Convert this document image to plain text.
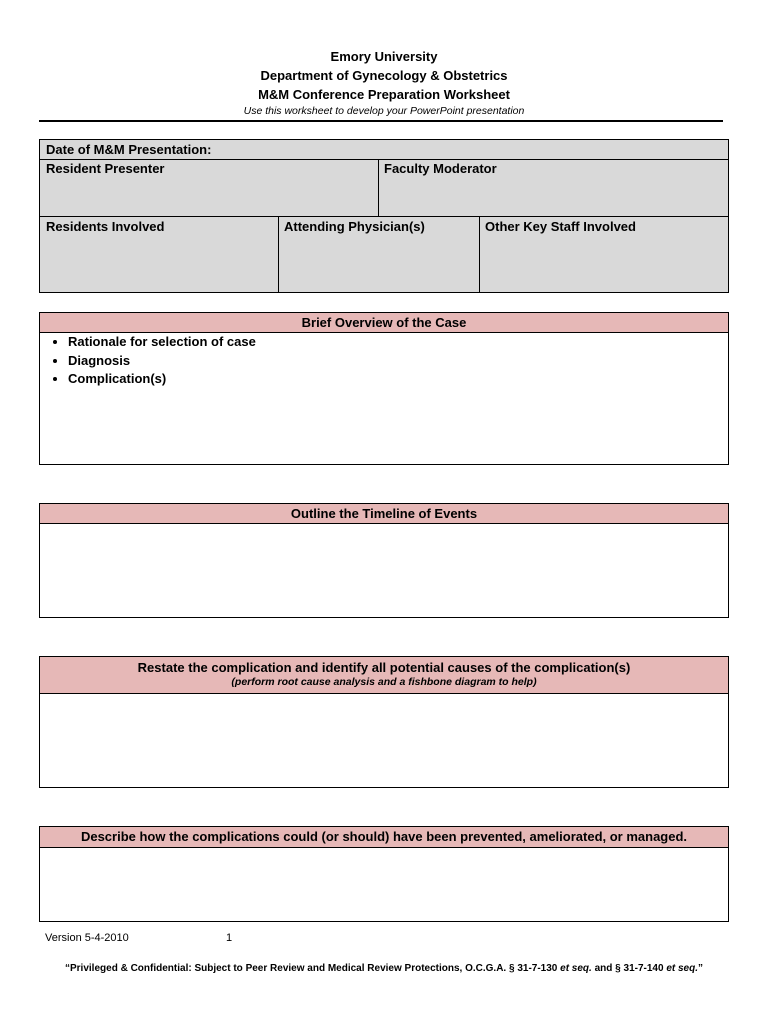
Emory University
Department of Gynecology & Obstetrics
M&M Conference Preparation Worksheet
Use this worksheet to develop your PowerPoint presentation
Date of M&M Presentation:
Resident Presenter	Faculty Moderator
Residents Involved	Attending Physician(s)	Other Key Staff Involved
Brief Overview of the Case
• Rationale for selection of case
• Diagnosis
• Complication(s)
Outline the Timeline of Events
Restate the complication and identify all potential causes of the complication(s)
(perform root cause analysis and a fishbone diagram to help)
Describe how the complications could (or should) have been prevented, ameliorated, or managed.
Version 5-4-2010	1
“Privileged & Confidential: Subject to Peer Review and Medical Review Protections, O.C.G.A. § 31-7-130 et seq. and § 31-7-140 et seq.”
